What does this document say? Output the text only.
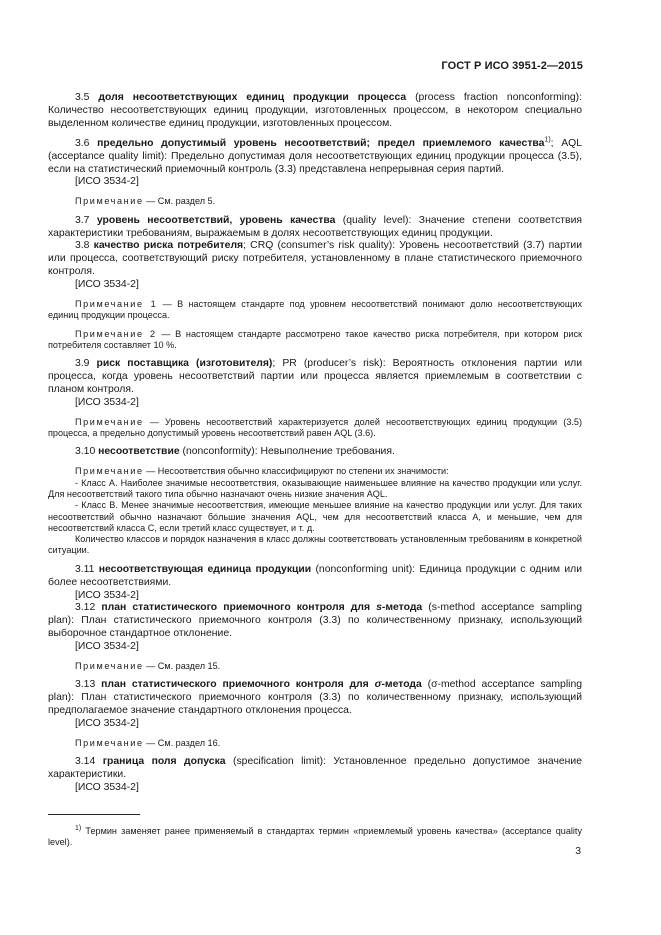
ГОСТ Р ИСО 3951-2—2015

3.5 доля несоответствующих единиц продукции процесса (process fraction nonconforming): Количество несоответствующих единиц продукции, изготовленных процессом, в некотором специально выделенном количестве единиц продукции, изготовленных процессом.

3.6 предельно допустимый уровень несоответствий; предел приемлемого качества$^{1)}$; AQL (acceptance quality limit): Предельно допустимая доля несоответствующих единиц продукции процесса (3.5), если на статистический приемочный контроль (3.3) представлена непрерывная серия партий.

[ИСО 3534-2]

Примечание — См. раздел 5.

3.7 уровень несоответствий, уровень качества (quality level): Значение степени соответствия характеристики требованиям, выражаемым в долях несоответствующих единиц продукции.

3.8 качество риска потребителя; CRQ (consumer’s risk quality): Уровень несоответствий (3.7) партии или процесса, соответствующий риску потребителя, установленному в плане статистического приемочного контроля.

[ИСО 3534-2]

Примечание 1 — В настоящем стандарте под уровнем несоответствий понимают долю несоответствующих единиц продукции процесса.

Примечание 2 — В настоящем стандарте рассмотрено такое качество риска потребителя, при котором риск потребителя составляет 10 %.

3.9 риск поставщика (изготовителя); PR (producer’s risk): Вероятность отклонения партии или процесса, когда уровень несоответствий партии или процесса является приемлемым в соответствии с планом контроля.

[ИСО 3534-2]

Примечание — Уровень несоответствий характеризуется долей несоответствующих единиц продукции (3.5) процесса, а предельно допустимый уровень несоответствий равен AQL (3.6).

3.10 несоответствие (nonconformity): Невыполнение требования.

Примечание — Несоответствия обычно классифицируют по степени их значимости:

- Класс А. Наиболее значимые несоответствия, оказывающие наименьшее влияние на качество продукции или услуг. Для несоответствий такого типа обычно назначают очень низкие значения AQL.

- Класс В. Менее значимые несоответствия, имеющие меньшее влияние на качество продукции или услуг. Для таких несоответствий обычно назначают бóльшие значения AQL, чем для несоответствий класса А, и меньшие, чем для несоответствий класса С, если третий класс существует, и т. д.

Количество классов и порядок назначения в класс должны соответствовать установленным требованиям в конкретной ситуации.

3.11 несоответствующая единица продукции (nonconforming unit): Единица продукции с одним или более несоответствиями.

[ИСО 3534-2]

3.12 план статистического приемочного контроля для s-метода (s-method acceptance sampling plan): План статистического приемочного контроля (3.3) по количественному признаку, использующий выборочное стандартное отклонение.

[ИСО 3534-2]

Примечание — См. раздел 15.

3.13 план статистического приемочного контроля для σ-метода (σ-method acceptance sampling plan): План статистического приемочного контроля (3.3) по количественному признаку, использующий предполагаемое значение стандартного отклонения процесса.

[ИСО 3534-2]

Примечание — См. раздел 16.

3.14 граница поля допуска (specification limit): Установленное предельно допустимое значение характеристики.

[ИСО 3534-2]

$^{1)}$ Термин заменяет ранее применяемый в стандартах термин «приемлемый уровень качества» (acceptance quality level).

3
